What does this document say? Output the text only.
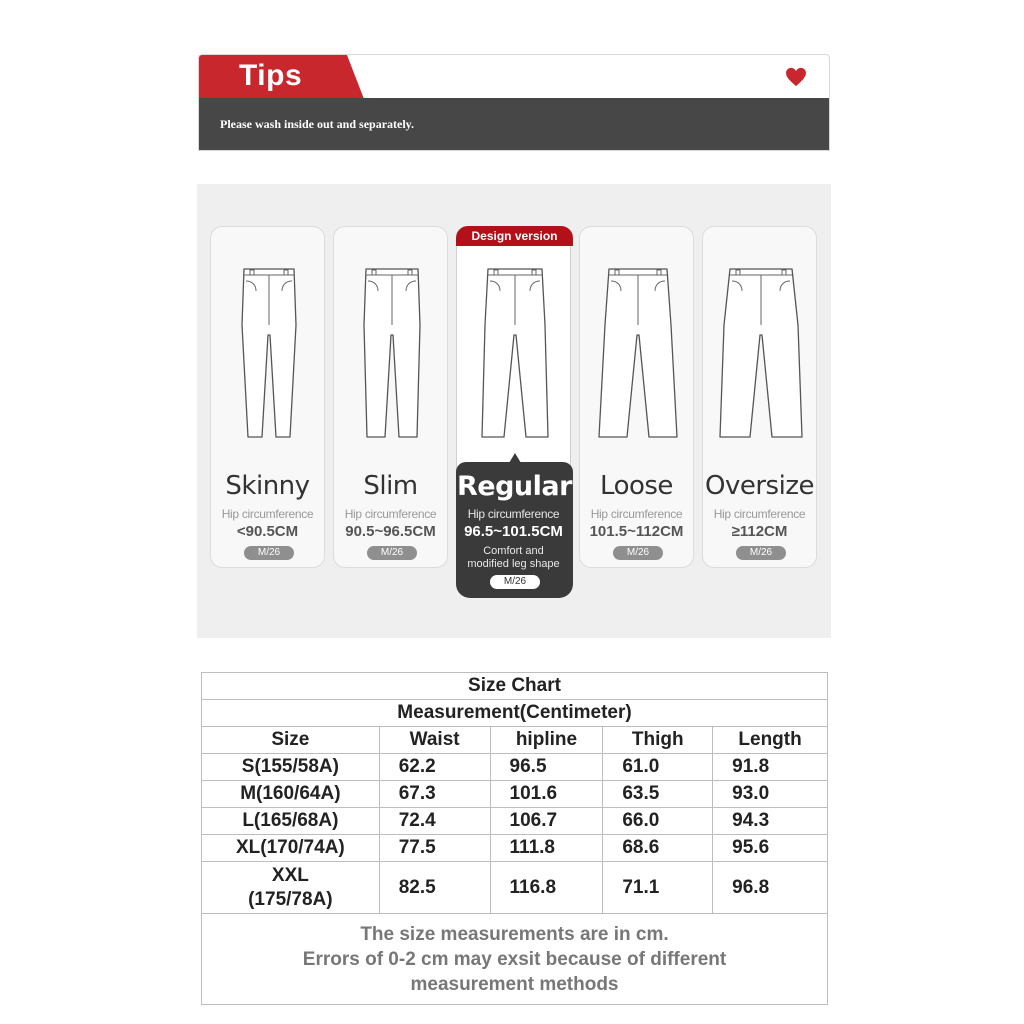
Tips
Please wash inside out and separately.
Skinny
Hip circumference
<90.5CM
M/26
Slim
Hip circumference
90.5~96.5CM
M/26
Design version
Regular
Hip circumference
96.5~101.5CM
Comfort and
modified leg shape
M/26
Loose
Hip circumference
101.5~112CM
M/26
Oversize
Hip circumference
≥112CM
M/26
Size Chart				
Measurement(Centimeter)				
Size	Waist	hipline	Thigh	Length
S(155/58A)	62.2	96.5	61.0	91.8
M(160/64A)	67.3	101.6	63.5	93.0
L(165/68A)	72.4	106.7	66.0	94.3
XL(170/74A)	77.5	111.8	68.6	95.6

XXL
(175/78A)	82.5	116.8	71.1	96.8

The size measurements are in cm.
Errors of 0-2 cm may exsit because of different
measurement methods				
